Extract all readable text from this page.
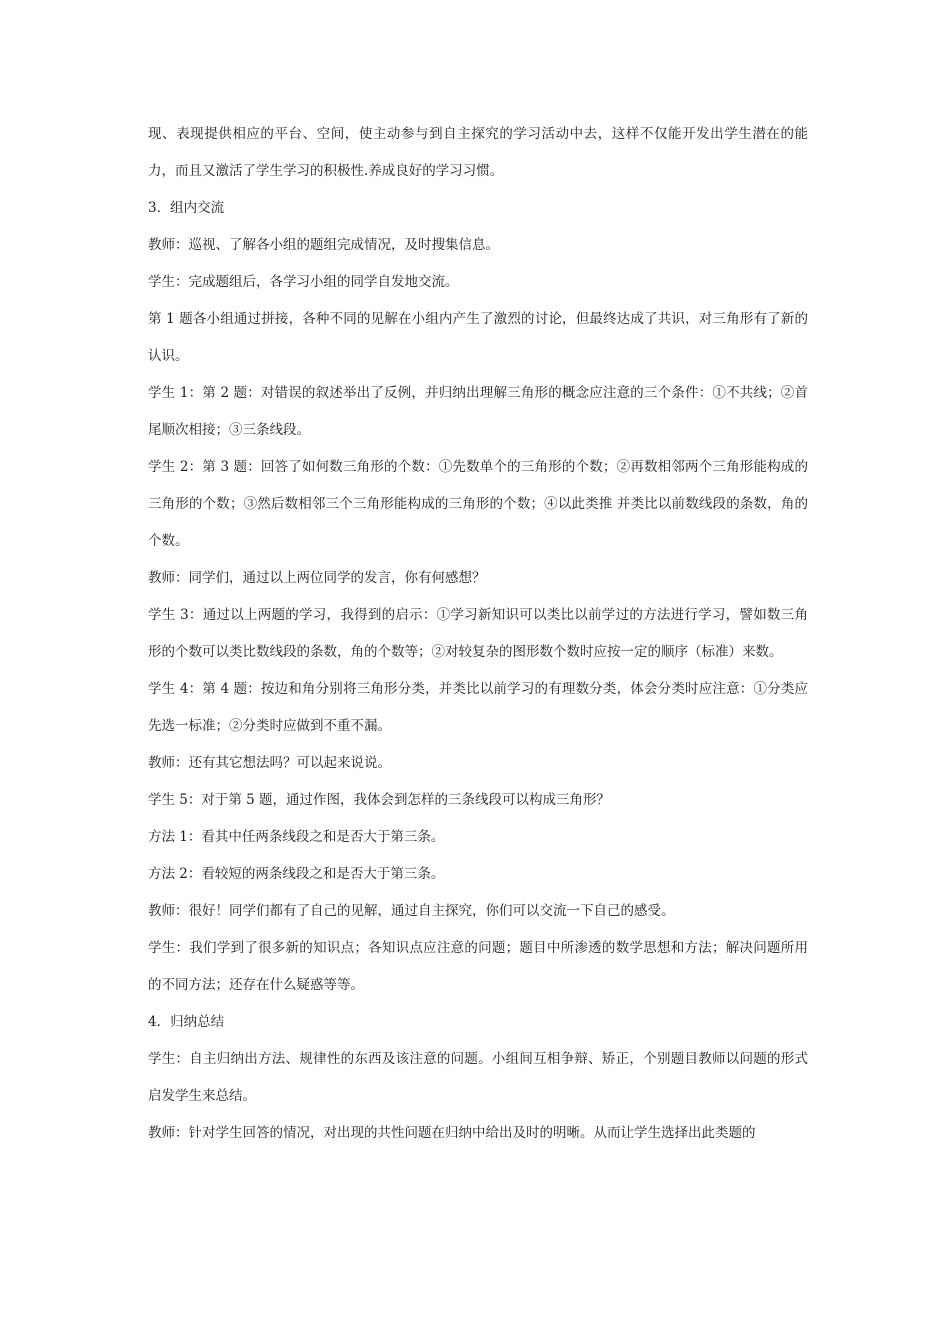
现、表现提供相应的平台、空间，使主动参与到自主探究的学习活动中去，这样不仅能开发出学生潜在的能力，而且又激活了学生学习的积极性.养成良好的学习习惯。

3．组内交流

教师：巡视、了解各小组的题组完成情况，及时搜集信息。

学生：完成题组后，各学习小组的同学自发地交流。

第 1 题各小组通过拼接，各种不同的见解在小组内产生了激烈的讨论，但最终达成了共识，对三角形有了新的认识。

学生 1：第 2 题：对错误的叙述举出了反例，并归纳出理解三角形的概念应注意的三个条件：①不共线；②首尾顺次相接；③三条线段。

学生 2：第 3 题：回答了如何数三角形的个数：①先数单个的三角形的个数；②再数相邻两个三角形能构成的三角形的个数；③然后数相邻三个三角形能构成的三角形的个数；④以此类推 并类比以前数线段的条数，角的个数。

教师：同学们，通过以上两位同学的发言，你有何感想？

学生 3：通过以上两题的学习，我得到的启示：①学习新知识可以类比以前学过的方法进行学习，譬如数三角形的个数可以类比数线段的条数，角的个数等；②对较复杂的图形数个数时应按一定的顺序（标准）来数。

学生 4：第 4 题：按边和角分别将三角形分类，并类比以前学习的有理数分类，体会分类时应注意：①分类应先选一标准；②分类时应做到不重不漏。

教师：还有其它想法吗？可以起来说说。

学生 5：对于第 5 题，通过作图，我体会到怎样的三条线段可以构成三角形？

方法 1：看其中任两条线段之和是否大于第三条。

方法 2：看较短的两条线段之和是否大于第三条。

教师：很好！同学们都有了自己的见解，通过自主探究，你们可以交流一下自己的感受。

学生：我们学到了很多新的知识点；各知识点应注意的问题；题目中所渗透的数学思想和方法；解决问题所用的不同方法；还存在什么疑惑等等。

4．归纳总结

学生：自主归纳出方法、规律性的东西及该注意的问题。小组间互相争辩、矫正，个别题目教师以问题的形式启发学生来总结。

教师：针对学生回答的情况，对出现的共性问题在归纳中给出及时的明晰。从而让学生选择出此类题的
